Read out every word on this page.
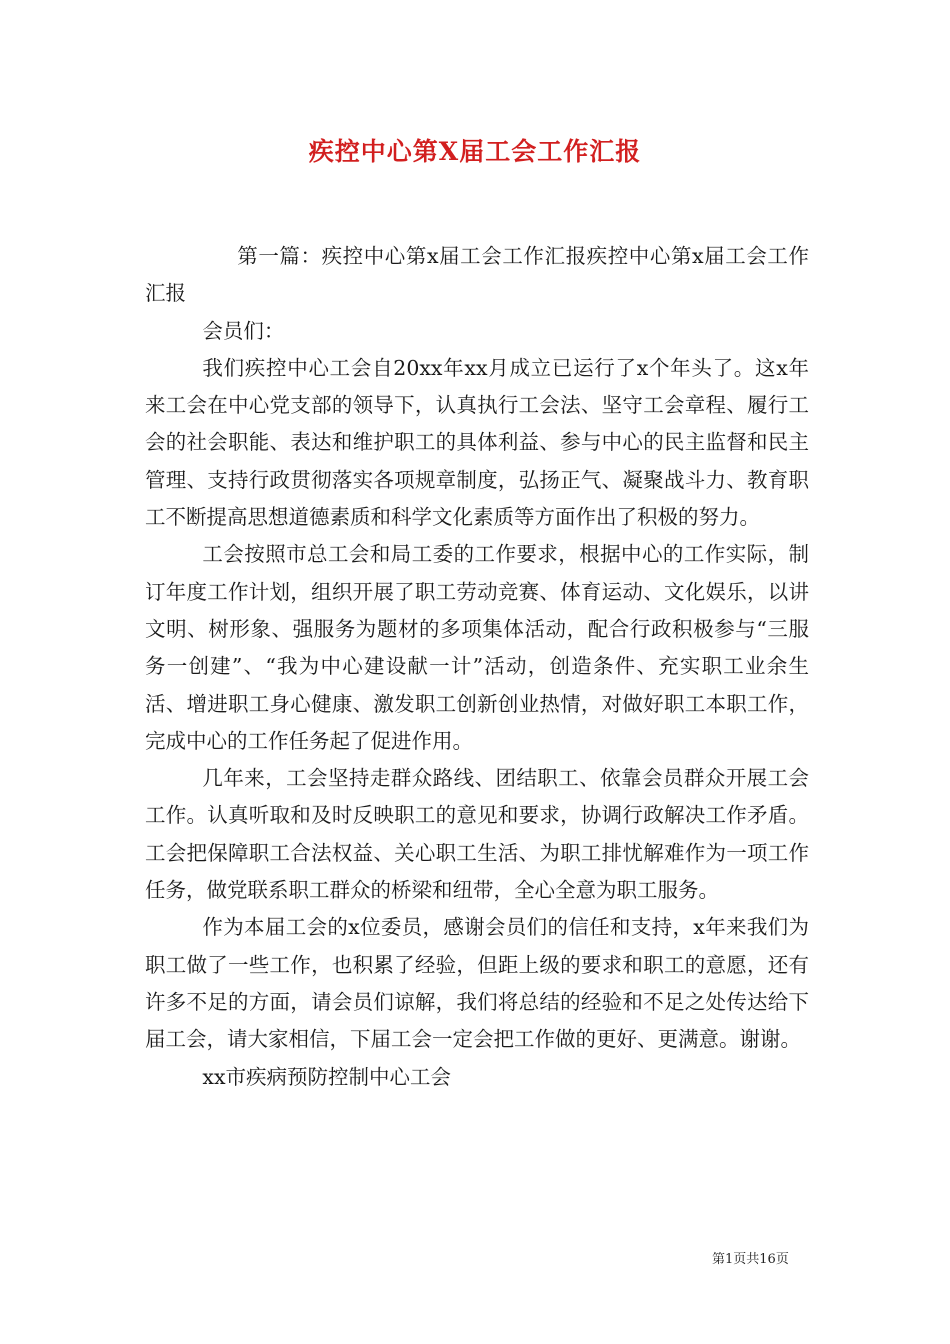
疾控中心第X届工会工作汇报

第一篇：疾控中心第x届工会工作汇报疾控中心第x届工会工作汇报

会员们：

我们疾控中心工会自20xx年xx月成立已运行了x个年头了。这x年来工会在中心党支部的领导下，认真执行工会法、坚守工会章程、履行工会的社会职能、表达和维护职工的具体利益、参与中心的民主监督和民主管理、支持行政贯彻落实各项规章制度，弘扬正气、凝聚战斗力、教育职工不断提高思想道德素质和科学文化素质等方面作出了积极的努力。

工会按照市总工会和局工委的工作要求，根据中心的工作实际，制订年度工作计划，组织开展了职工劳动竞赛、体育运动、文化娱乐，以讲文明、树形象、强服务为题材的多项集体活动，配合行政积极参与“三服务一创建”、“我为中心建设献一计”活动，创造条件、充实职工业余生活、增进职工身心健康、激发职工创新创业热情，对做好职工本职工作，完成中心的工作任务起了促进作用。

几年来，工会坚持走群众路线、团结职工、依靠会员群众开展工会工作。认真听取和及时反映职工的意见和要求，协调行政解决工作矛盾。工会把保障职工合法权益、关心职工生活、为职工排忧解难作为一项工作任务，做党联系职工群众的桥梁和纽带，全心全意为职工服务。

作为本届工会的x位委员，感谢会员们的信任和支持，x年来我们为职工做了一些工作，也积累了经验，但距上级的要求和职工的意愿，还有许多不足的方面，请会员们谅解，我们将总结的经验和不足之处传达给下届工会，请大家相信，下届工会一定会把工作做的更好、更满意。谢谢。

xx市疾病预防控制中心工会

第1页共16页
